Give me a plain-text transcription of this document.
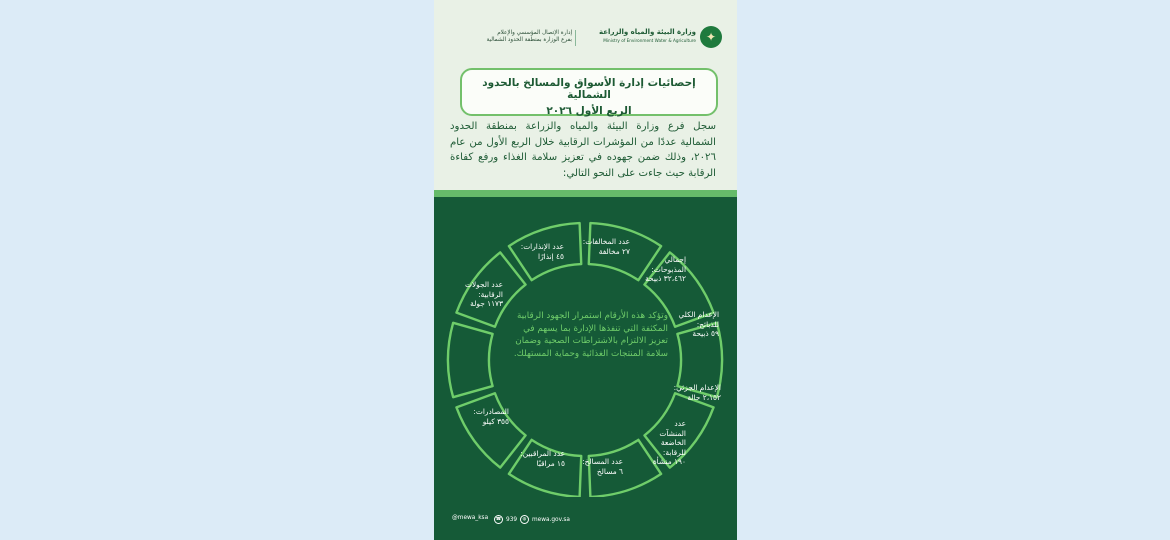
✦
وزارة البيئة والمياه والزراعة
Ministry of Environment Water & Agriculture
إدارة الإتصال المؤسسي والإعلام
بفرع الوزارة بمنطقة الحدود الشمالية
إحصائيات إدارة الأسواق والمسالخ بالحدود الشمالية
الربع الأول ٢٠٢٦
سجل فرع وزارة البيئة والمياه والزراعة بمنطقة الحدود الشمالية عددًا من المؤشرات الرقابية خلال الربع الأول من عام ٢٠٢٦، وذلك ضمن جهوده في تعزيز سلامة الغذاء ورفع كفاءة الرقابة حيث جاءت على النحو التالي:
وتؤكد هذه الأرقام استمرار الجهود الرقابية المكثفة التي تنفذها الإدارة بما يسهم في تعزيز الالتزام بالاشتراطات الصحية وضمان سلامة المنتجات الغذائية وحماية المستهلك.
عدد المخالفات:
٢٧ مخالفة
إجمالي المذبوحات:
٣٢،٤٦٢ ذبيحة
الإعدام الكلي للذبائح:
٥٩ ذبيحة
الإعدام الجزئي:
٢،١٥٢ حالة
عدد المنشآت الخاضعة للرقابة:
١٩٠ منشأة
عدد المسالخ:
٦ مسالخ
عدد المراقبين:
١٥ مراقبًا
المصادرات:
٣٥٥ كيلو
عدد الجولات الرقابية:
١١٧٣ جولة
عدد الإنذارات:
٤٥ إنذارًا
@mewa_ksa	☎ 939	◍ mewa.gov.sa
